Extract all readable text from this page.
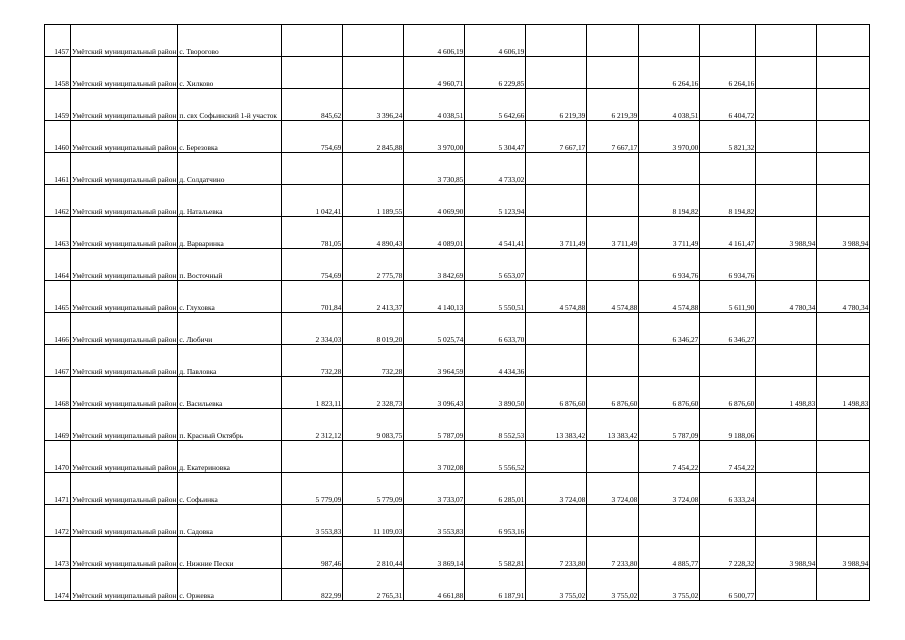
1457	Умётский муниципальный район	с. Творогово			4 606,19	4 606,19						
1458	Умётский муниципальный район	с. Хилково			4 960,71	6 229,85			6 264,16	6 264,16		
1459	Умётский муниципальный район	п. свх Софьинский 1-й участок	845,62	3 396,24	4 038,51	5 642,66	6 219,39	6 219,39	4 038,51	6 404,72		
1460	Умётский муниципальный район	с. Березовка	754,69	2 845,88	3 970,00	5 304,47	7 667,17	7 667,17	3 970,00	5 821,32		
1461	Умётский муниципальный район	д. Солдатчино			3 730,85	4 733,02						
1462	Умётский муниципальный район	д. Натальевка	1 042,41	1 189,55	4 069,90	5 123,94			8 194,82	8 194,82		
1463	Умётский муниципальный район	д. Варваринка	781,05	4 890,43	4 089,01	4 541,41	3 711,49	3 711,49	3 711,49	4 161,47	3 988,94	3 988,94
1464	Умётский муниципальный район	п. Восточный	754,69	2 775,78	3 842,69	5 653,07			6 934,76	6 934,76		
1465	Умётский муниципальный район	с. Глуховка	701,84	2 413,37	4 140,13	5 550,51	4 574,88	4 574,88	4 574,88	5 611,90	4 780,34	4 780,34
1466	Умётский муниципальный район	с. Любичи	2 334,03	8 019,20	5 025,74	6 633,70			6 346,27	6 346,27		
1467	Умётский муниципальный район	д. Павловка	732,28	732,28	3 964,59	4 434,36						
1468	Умётский муниципальный район	с. Васильевка	1 823,11	2 328,73	3 096,43	3 890,50	6 876,60	6 876,60	6 876,60	6 876,60	1 498,83	1 498,83
1469	Умётский муниципальный район	п. Красный Октябрь	2 312,12	9 083,75	5 787,09	8 552,53	13 383,42	13 383,42	5 787,09	9 188,06		
1470	Умётский муниципальный район	д. Екатериновка			3 702,08	5 556,52			7 454,22	7 454,22		
1471	Умётский муниципальный район	с. Софьинка	5 779,09	5 779,09	3 733,07	6 285,01	3 724,08	3 724,08	3 724,08	6 333,24		
1472	Умётский муниципальный район	п. Садовка	3 553,83	11 109,03	3 553,83	6 953,16						
1473	Умётский муниципальный район	с. Нижние Пески	987,46	2 810,44	3 869,14	5 582,81	7 233,80	7 233,80	4 885,77	7 228,32	3 988,94	3 988,94
1474	Умётский муниципальный район	с. Оржевка	822,99	2 765,31	4 661,88	6 187,91	3 755,02	3 755,02	3 755,02	6 500,77		
